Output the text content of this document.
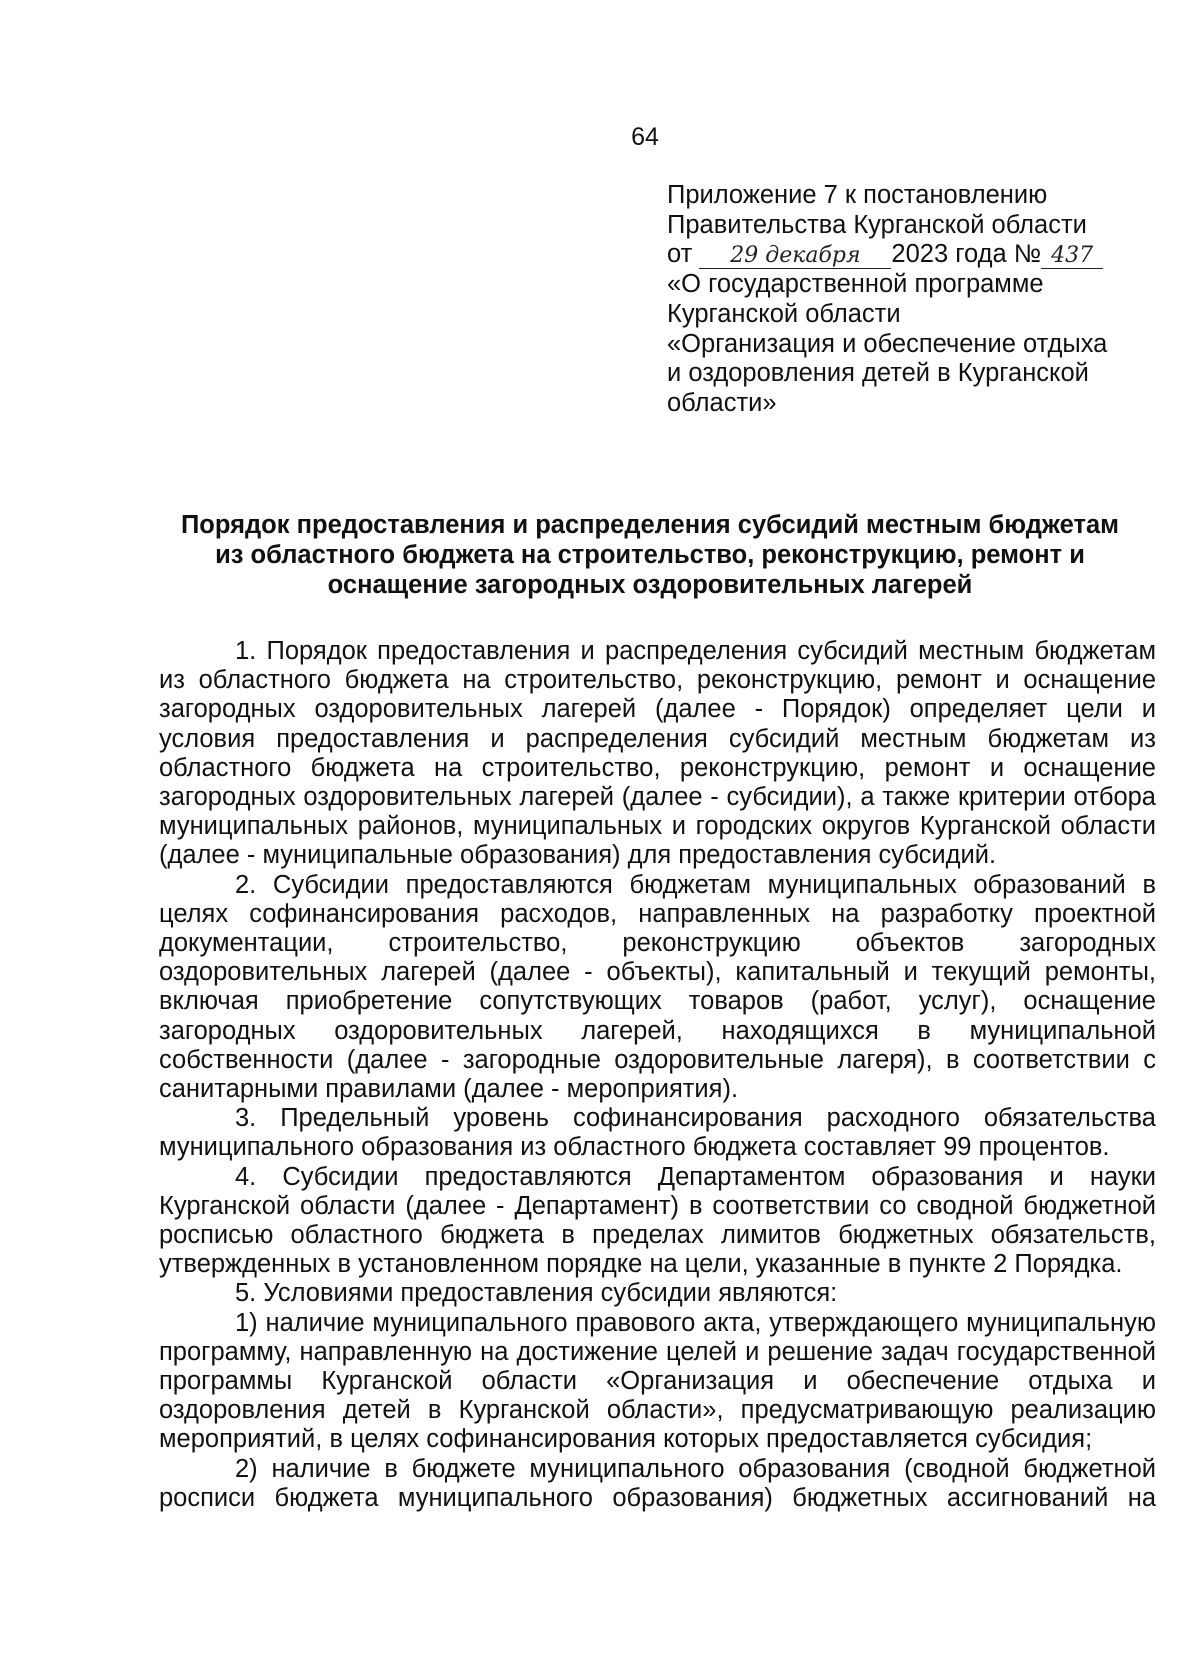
64
Приложение 7 к постановлению
Правительства Курганской области
от 29 декабря 2023 года № 437
«О государственной программе
Курганской области
«Организация и обеспечение отдыха
и оздоровления детей в Курганской
области»
Порядок предоставления и распределения субсидий местным бюджетам
из областного бюджета на строительство, реконструкцию, ремонт и
оснащение загородных оздоровительных лагерей

1. Порядок предоставления и распределения субсидий местным бюджетам из областного бюджета на строительство, реконструкцию, ремонт и оснащение загородных оздоровительных лагерей (далее - Порядок) определяет цели и условия предоставления и распределения субсидий местным бюджетам из областного бюджета на строительство, реконструкцию, ремонт и оснащение загородных оздоровительных лагерей (далее - субсидии), а также критерии отбора муниципальных районов, муниципальных и городских округов Курганской области (далее - муниципальные образования) для предоставления субсидий.

2. Субсидии предоставляются бюджетам муниципальных образований в целях софинансирования расходов, направленных на разработку проектной документации, строительство, реконструкцию объектов загородных оздоровительных лагерей (далее - объекты), капитальный и текущий ремонты, включая приобретение сопутствующих товаров (работ, услуг), оснащение загородных оздоровительных лагерей, находящихся в муниципальной собственности (далее - загородные оздоровительные лагеря), в соответствии с санитарными правилами (далее - мероприятия).

3. Предельный уровень софинансирования расходного обязательства муниципального образования из областного бюджета составляет 99 процентов.

4. Субсидии предоставляются Департаментом образования и науки Курганской области (далее - Департамент) в соответствии со сводной бюджетной росписью областного бюджета в пределах лимитов бюджетных обязательств, утвержденных в установленном порядке на цели, указанные в пункте 2 Порядка.

5. Условиями предоставления субсидии являются:

1) наличие муниципального правового акта, утверждающего муниципальную программу, направленную на достижение целей и решение задач государственной программы Курганской области «Организация и обеспечение отдыха и оздоровления детей в Курганской области», предусматривающую реализацию мероприятий, в целях софинансирования которых предоставляется субсидия;

2) наличие в бюджете муниципального образования (сводной бюджетной росписи бюджета муниципального образования) бюджетных ассигнований на
